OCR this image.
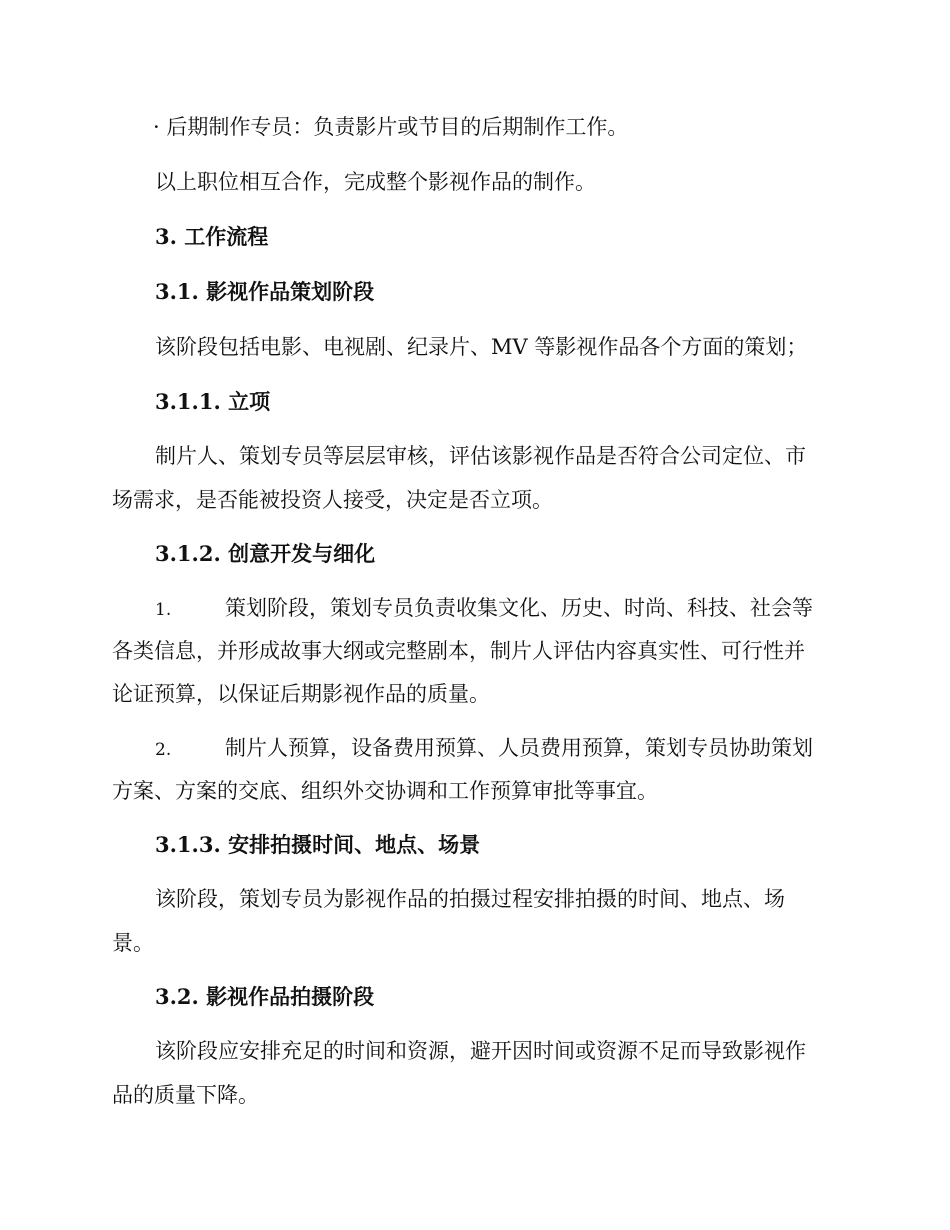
· 后期制作专员：负责影片或节目的后期制作工作。
以上职位相互合作，完成整个影视作品的制作。
3. 工作流程
3.1. 影视作品策划阶段
该阶段包括电影、电视剧、纪录片、MV 等影视作品各个方面的策划；
3.1.1. 立项
制片人、策划专员等层层审核，评估该影视作品是否符合公司定位、市
场需求，是否能被投资人接受，决定是否立项。
3.1.2. 创意开发与细化
1.	策划阶段，策划专员负责收集文化、历史、时尚、科技、社会等
各类信息，并形成故事大纲或完整剧本，制片人评估内容真实性、可行性并
论证预算，以保证后期影视作品的质量。
2.	制片人预算，设备费用预算、人员费用预算，策划专员协助策划
方案、方案的交底、组织外交协调和工作预算审批等事宜。
3.1.3. 安排拍摄时间、地点、场景
该阶段，策划专员为影视作品的拍摄过程安排拍摄的时间、地点、场
景。
3.2. 影视作品拍摄阶段
该阶段应安排充足的时间和资源，避开因时间或资源不足而导致影视作
品的质量下降。
